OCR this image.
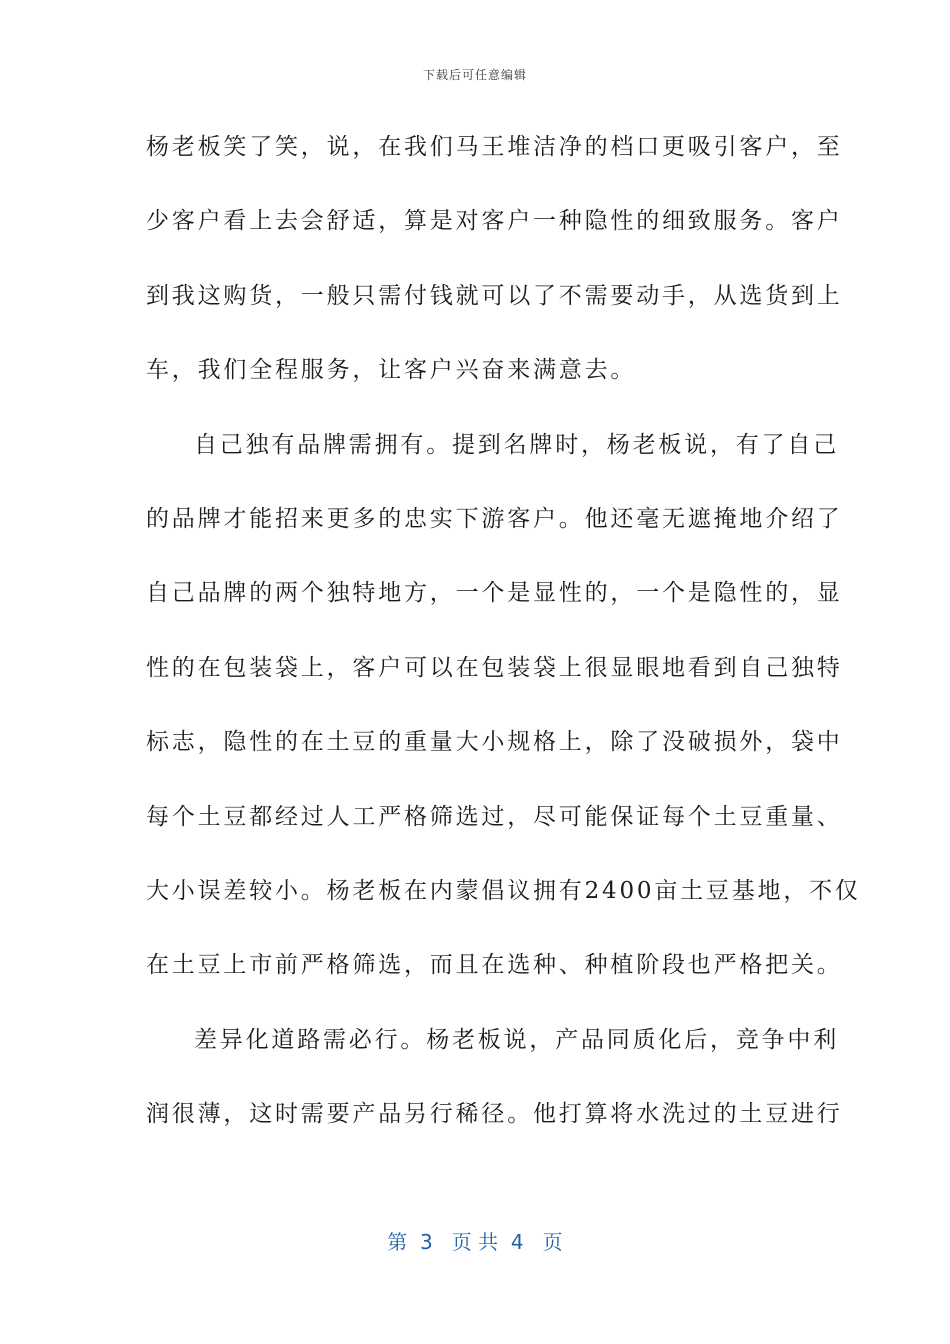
下载后可任意编辑
杨老板笑了笑，说，在我们马王堆洁净的档口更吸引客户，至
少客户看上去会舒适，算是对客户一种隐性的细致服务。客户
到我这购货，一般只需付钱就可以了不需要动手，从选货到上
车，我们全程服务，让客户兴奋来满意去。
自己独有品牌需拥有。提到名牌时，杨老板说，有了自己
的品牌才能招来更多的忠实下游客户。他还毫无遮掩地介绍了
自己品牌的两个独特地方，一个是显性的，一个是隐性的，显
性的在包装袋上，客户可以在包装袋上很显眼地看到自己独特
标志，隐性的在土豆的重量大小规格上，除了没破损外，袋中
每个土豆都经过人工严格筛选过，尽可能保证每个土豆重量、
大小误差较小。杨老板在内蒙倡议拥有2400亩土豆基地，不仅
在土豆上市前严格筛选，而且在选种、种植阶段也严格把关。
差异化道路需必行。杨老板说，产品同质化后，竞争中利
润很薄，这时需要产品另行稀径。他打算将水洗过的土豆进行
第  3   页 共  4   页
